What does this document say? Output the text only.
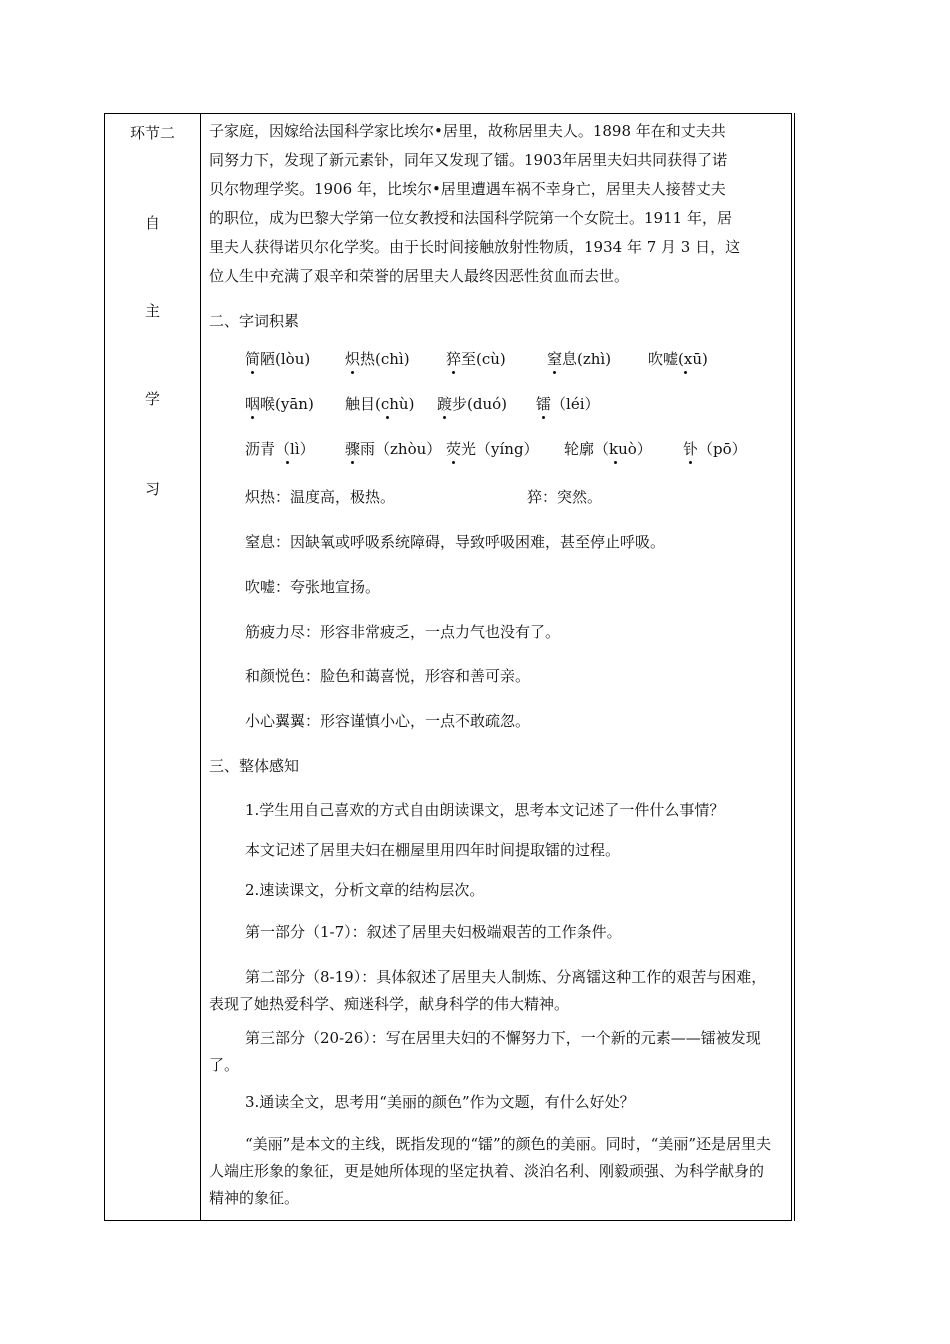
环节二
自
主
学
习

子家庭，因嫁给法国科学家比埃尔•居里，故称居里夫人。1898 年在和丈夫共

同努力下，发现了新元素钋，同年又发现了镭。1903年居里夫妇共同获得了诺

贝尔物理学奖。1906 年，比埃尔•居里遭遇车祸不幸身亡，居里夫人接替丈夫

的职位，成为巴黎大学第一位女教授和法国科学院第一个女院士。1911 年，居

里夫人获得诺贝尔化学奖。由于长时间接触放射性物质，1934 年 7 月 3 日，这

位人生中充满了艰辛和荣誉的居里夫人最终因恶性贫血而去世。

二、字词积累

简陋(lòu) 炽热(chì) 猝至(cù)	窒息(zhì) 吹嘘(xū)
咽喉(yān) 触目(chù) 踱步(duó) 镭（léi）
沥青（lì） 骤雨（zhòu） 荧光（yíng） 轮廓（kuò） 钋（pō）

炽热：温度高，极热。	猝：突然。

窒息：因缺氧或呼吸系统障碍，导致呼吸困难，甚至停止呼吸。

吹嘘：夸张地宣扬。

筋疲力尽：形容非常疲乏，一点力气也没有了。

和颜悦色：脸色和蔼喜悦，形容和善可亲。

小心翼翼：形容谨慎小心，一点不敢疏忽。

三、整体感知

1.学生用自己喜欢的方式自由朗读课文，思考本文记述了一件什么事情？

本文记述了居里夫妇在棚屋里用四年时间提取镭的过程。

2.速读课文，分析文章的结构层次。

第一部分（1-7）：叙述了居里夫妇极端艰苦的工作条件。

第二部分（8-19）：具体叙述了居里夫人制炼、分离镭这种工作的艰苦与困难，表现了她热爱科学、痴迷科学，献身科学的伟大精神。

第三部分（20-26）：写在居里夫妇的不懈努力下，一个新的元素——镭被发现了。

3.通读全文，思考用“美丽的颜色”作为文题，有什么好处？

“美丽”是本文的主线，既指发现的“镭”的颜色的美丽。同时，“美丽”还是居里夫人端庄形象的象征，更是她所体现的坚定执着、淡泊名利、刚毅顽强、为科学献身的精神的象征。
